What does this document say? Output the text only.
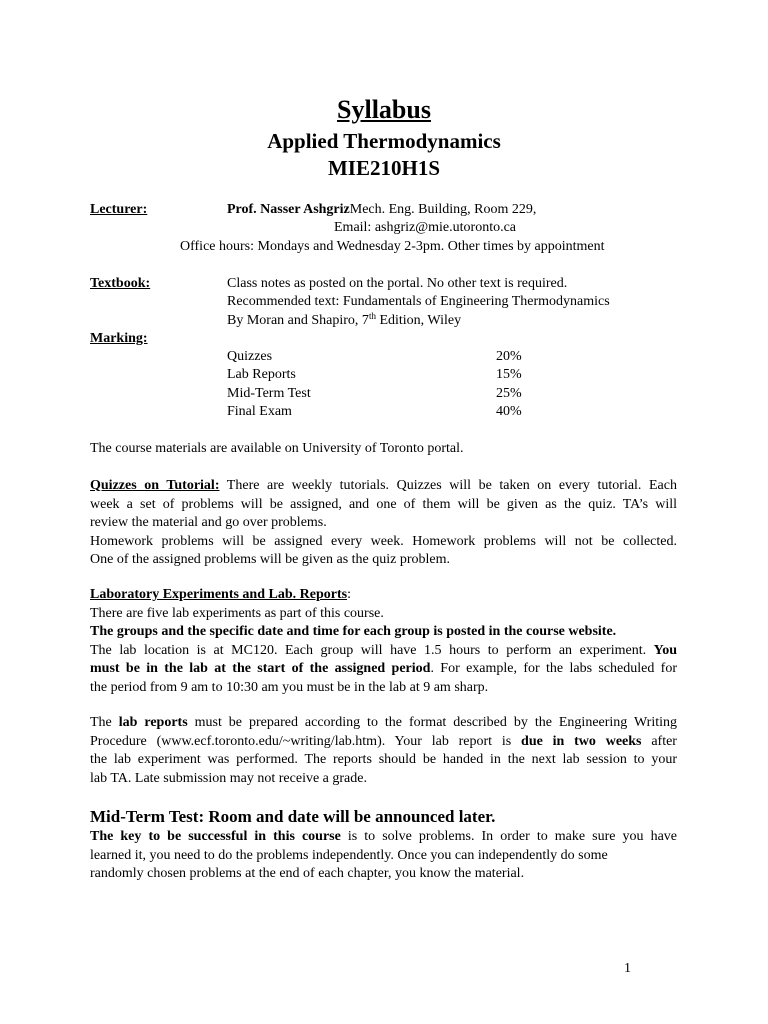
Syllabus
Applied Thermodynamics
MIE210H1S
Lecturer:	Prof. Nasser AshgrizMech. Eng. Building, Room 229,
Email: ashgriz@mie.utoronto.ca
Office hours: Mondays and Wednesday 2-3pm. Other times by appointment
Textbook:	Class notes as posted on the portal. No other text is required.
Recommended text: Fundamentals of Engineering Thermodynamics
By Moran and Shapiro, 7th Edition, Wiley
Marking:
Quizzes	20%
Lab Reports	15%
Mid-Term Test	25%
Final Exam	40%
The course materials are available on University of Toronto portal.
Quizzes on Tutorial: There are weekly tutorials. Quizzes will be taken on every tutorial. Each
week a set of problems will be assigned, and one of them will be given as the quiz. TA’s will
review the material and go over problems.
Homework problems will be assigned every week. Homework problems will not be collected.
One of the assigned problems will be given as the quiz problem.
Laboratory Experiments and Lab. Reports:
There are five lab experiments as part of this course.
The groups and the specific date and time for each group is posted in the course website.
The lab location is at MC120. Each group will have 1.5 hours to perform an experiment. You
must be in the lab at the start of the assigned period. For example, for the labs scheduled for
the period from 9 am to 10:30 am you must be in the lab at 9 am sharp.
The lab reports must be prepared according to the format described by the Engineering Writing
Procedure (www.ecf.toronto.edu/~writing/lab.htm). Your lab report is due in two weeks after
the lab experiment was performed. The reports should be handed in the next lab session to your
lab TA. Late submission may not receive a grade.
Mid-Term Test: Room and date will be announced later.
The key to be successful in this course is to solve problems. In order to make sure you have
learned it, you need to do the problems independently. Once you can independently do some
randomly chosen problems at the end of each chapter, you know the material.
1
